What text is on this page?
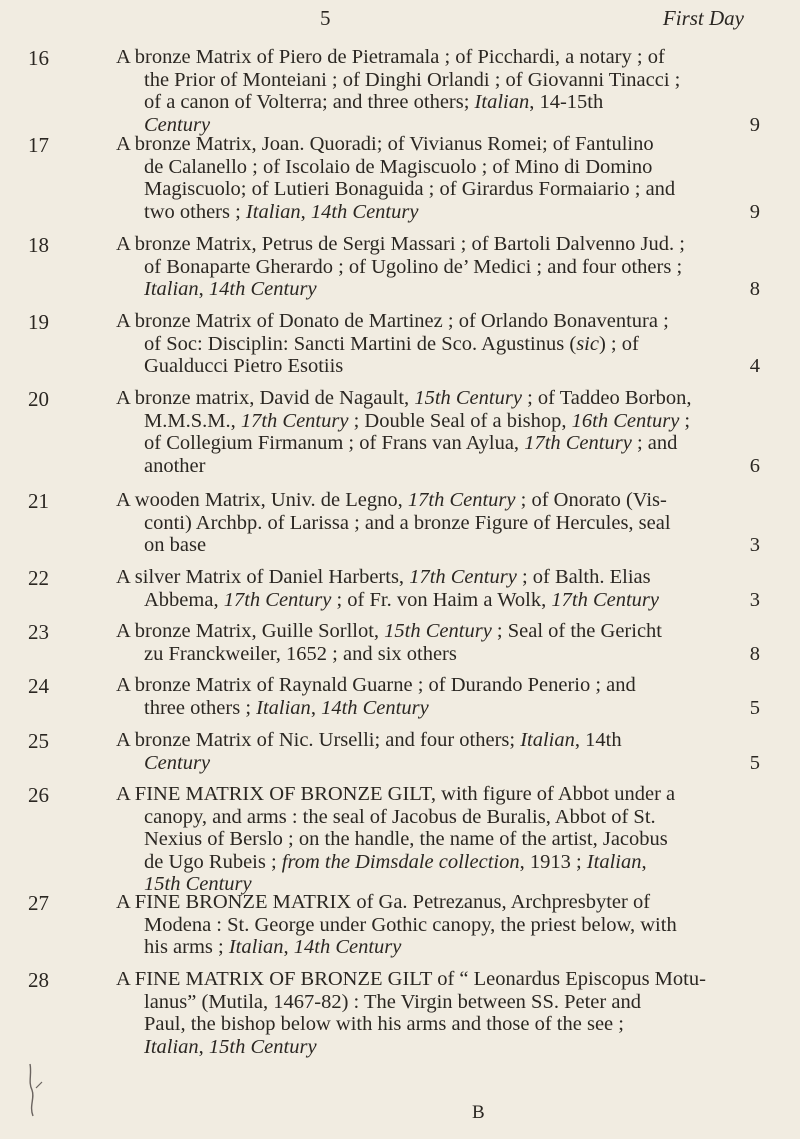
5	First Day
16	A bronze Matrix of Piero de Pietramala ; of Picchardi, a notary ; of
the Prior of Monteiani ; of Dinghi Orlandi ; of Giovanni Tinacci ;
of a canon of Volterra; and three others; Italian, 14-15th
Century	9
17	A bronze Matrix, Joan. Quoradi; of Vivianus Romei; of Fantulino
de Calanello ; of Iscolaio de Magiscuolo ; of Mino di Domino
Magiscuolo; of Lutieri Bonaguida ; of Girardus Formaiario ; and
two others ; Italian, 14th Century	9
18	A bronze Matrix, Petrus de Sergi Massari ; of Bartoli Dalvenno Jud. ;
of Bonaparte Gherardo ; of Ugolino de’ Medici ; and four others ;
Italian, 14th Century	8
19	A bronze Matrix of Donato de Martinez ; of Orlando Bonaventura ;
of Soc: Disciplin: Sancti Martini de Sco. Agustinus (sic) ; of
Gualducci Pietro Esotiis	4
20	A bronze matrix, David de Nagault, 15th Century ; of Taddeo Borbon,
M.M.S.M., 17th Century ; Double Seal of a bishop, 16th Century ;
of Collegium Firmanum ; of Frans van Aylua, 17th Century ; and
another	6
21	A wooden Matrix, Univ. de Legno, 17th Century ; of Onorato (Vis-
conti) Archbp. of Larissa ; and a bronze Figure of Hercules, seal
on base	3
22	A silver Matrix of Daniel Harberts, 17th Century ; of Balth. Elias
Abbema, 17th Century ; of Fr. von Haim a Wolk, 17th Century	3
23	A bronze Matrix, Guille Sorllot, 15th Century ; Seal of the Gericht
zu Franckweiler, 1652 ; and six others	8
24	A bronze Matrix of Raynald Guarne ; of Durando Penerio ; and
three others ; Italian, 14th Century	5
25	A bronze Matrix of Nic. Urselli; and four others; Italian, 14th
Century	5
26	A FINE MATRIX OF BRONZE GILT, with figure of Abbot under a
canopy, and arms : the seal of Jacobus de Buralis, Abbot of St.
Nexius of Berslo ; on the handle, the name of the artist, Jacobus
de Ugo Rubeis ; from the Dimsdale collection, 1913 ; Italian,
15th Century
27	A FINE BRONZE MATRIX of Ga. Petrezanus, Archpresbyter of
Modena : St. George under Gothic canopy, the priest below, with
his arms ; Italian, 14th Century
28	A FINE MATRIX OF BRONZE GILT of “ Leonardus Episcopus Motu-
lanus” (Mutila, 1467-82) : The Virgin between SS. Peter and
Paul, the bishop below with his arms and those of the see ;
Italian, 15th Century
B
